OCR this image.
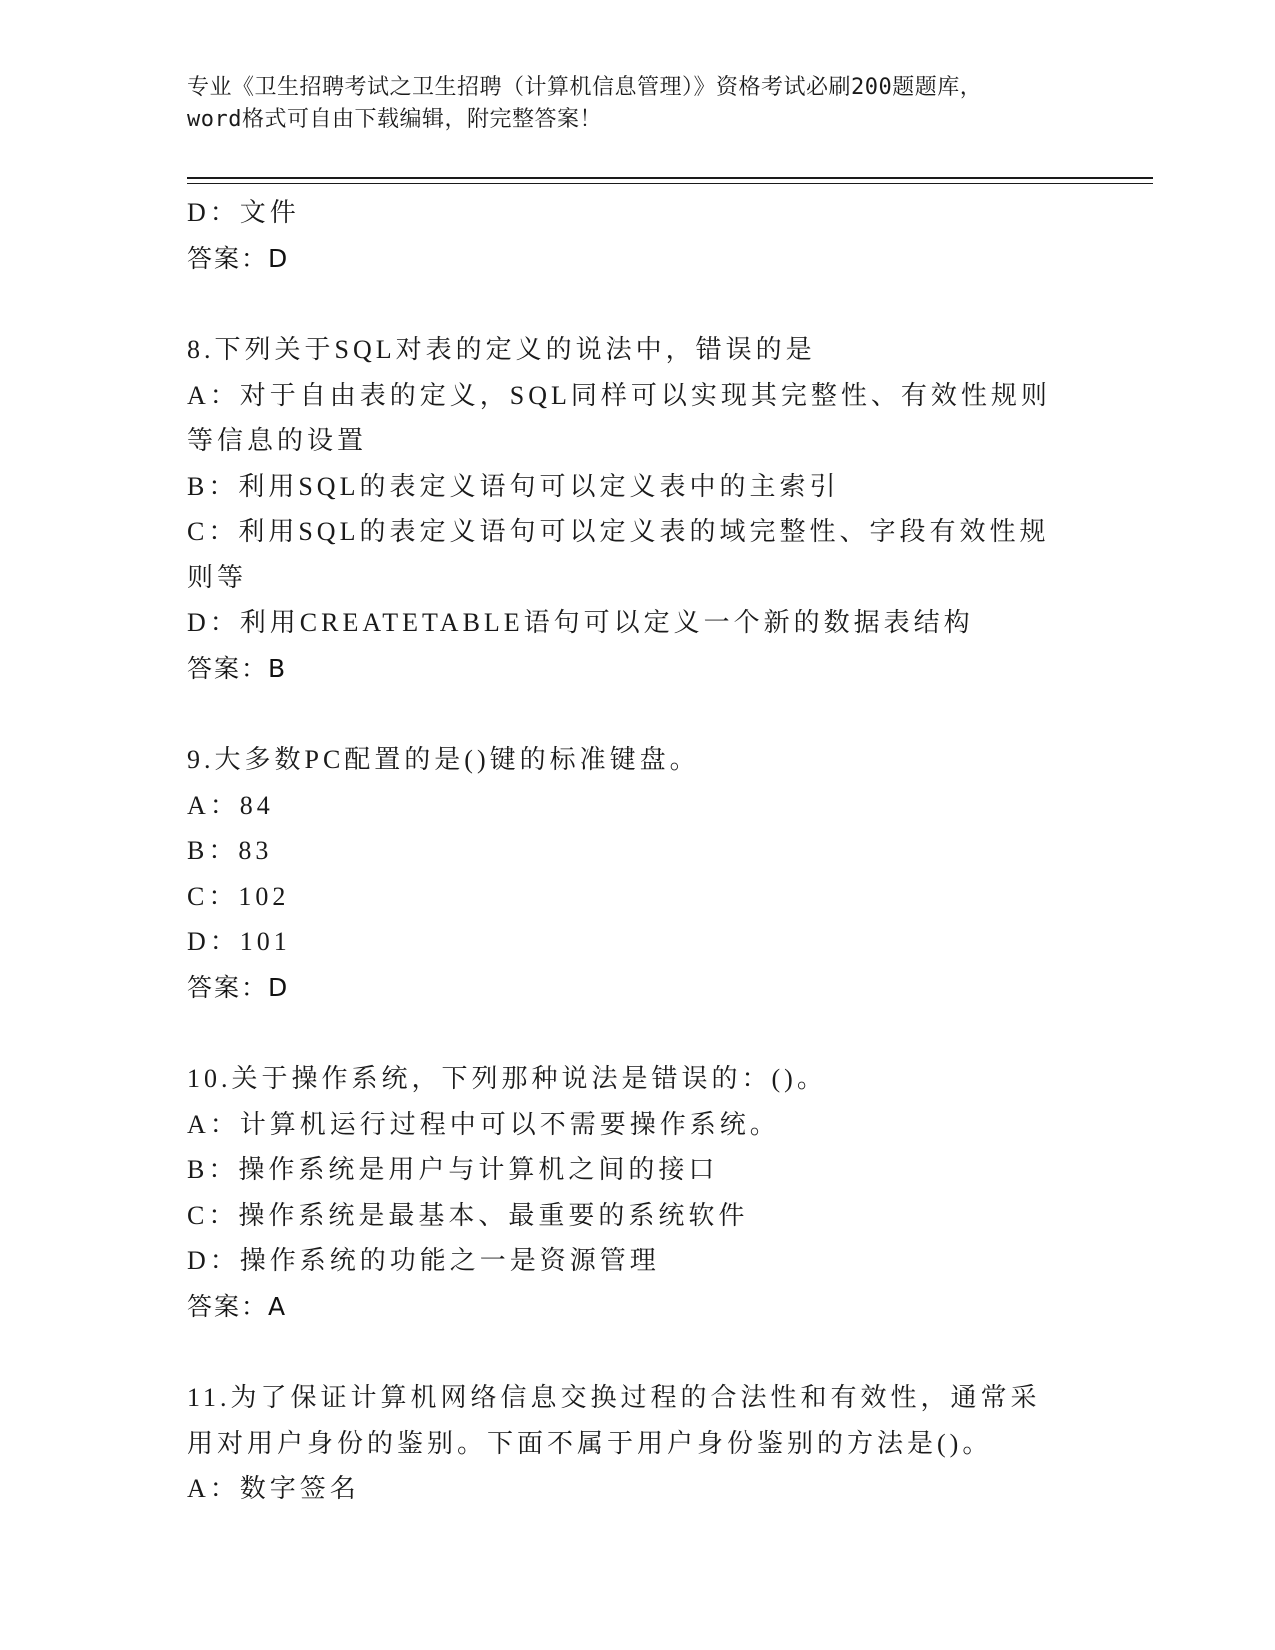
专业《卫生招聘考试之卫生招聘（计算机信息管理）》资格考试必刷200题题库，
word格式可自由下载编辑，附完整答案！

D：文件

答案：D

8.下列关于SQL对表的定义的说法中，错误的是

A：对于自由表的定义，SQL同样可以实现其完整性、有效性规则等信息的设置

B：利用SQL的表定义语句可以定义表中的主索引

C：利用SQL的表定义语句可以定义表的域完整性、字段有效性规则等

D：利用CREATETABLE语句可以定义一个新的数据表结构

答案：B

9.大多数PC配置的是()键的标准键盘。

A：84

B：83

C：102

D：101

答案：D

10.关于操作系统，下列那种说法是错误的：()。

A：计算机运行过程中可以不需要操作系统。

B：操作系统是用户与计算机之间的接口

C：操作系统是最基本、最重要的系统软件

D：操作系统的功能之一是资源管理

答案：A

11.为了保证计算机网络信息交换过程的合法性和有效性，通常采用对用户身份的鉴别。下面不属于用户身份鉴别的方法是()。

A：数字签名
